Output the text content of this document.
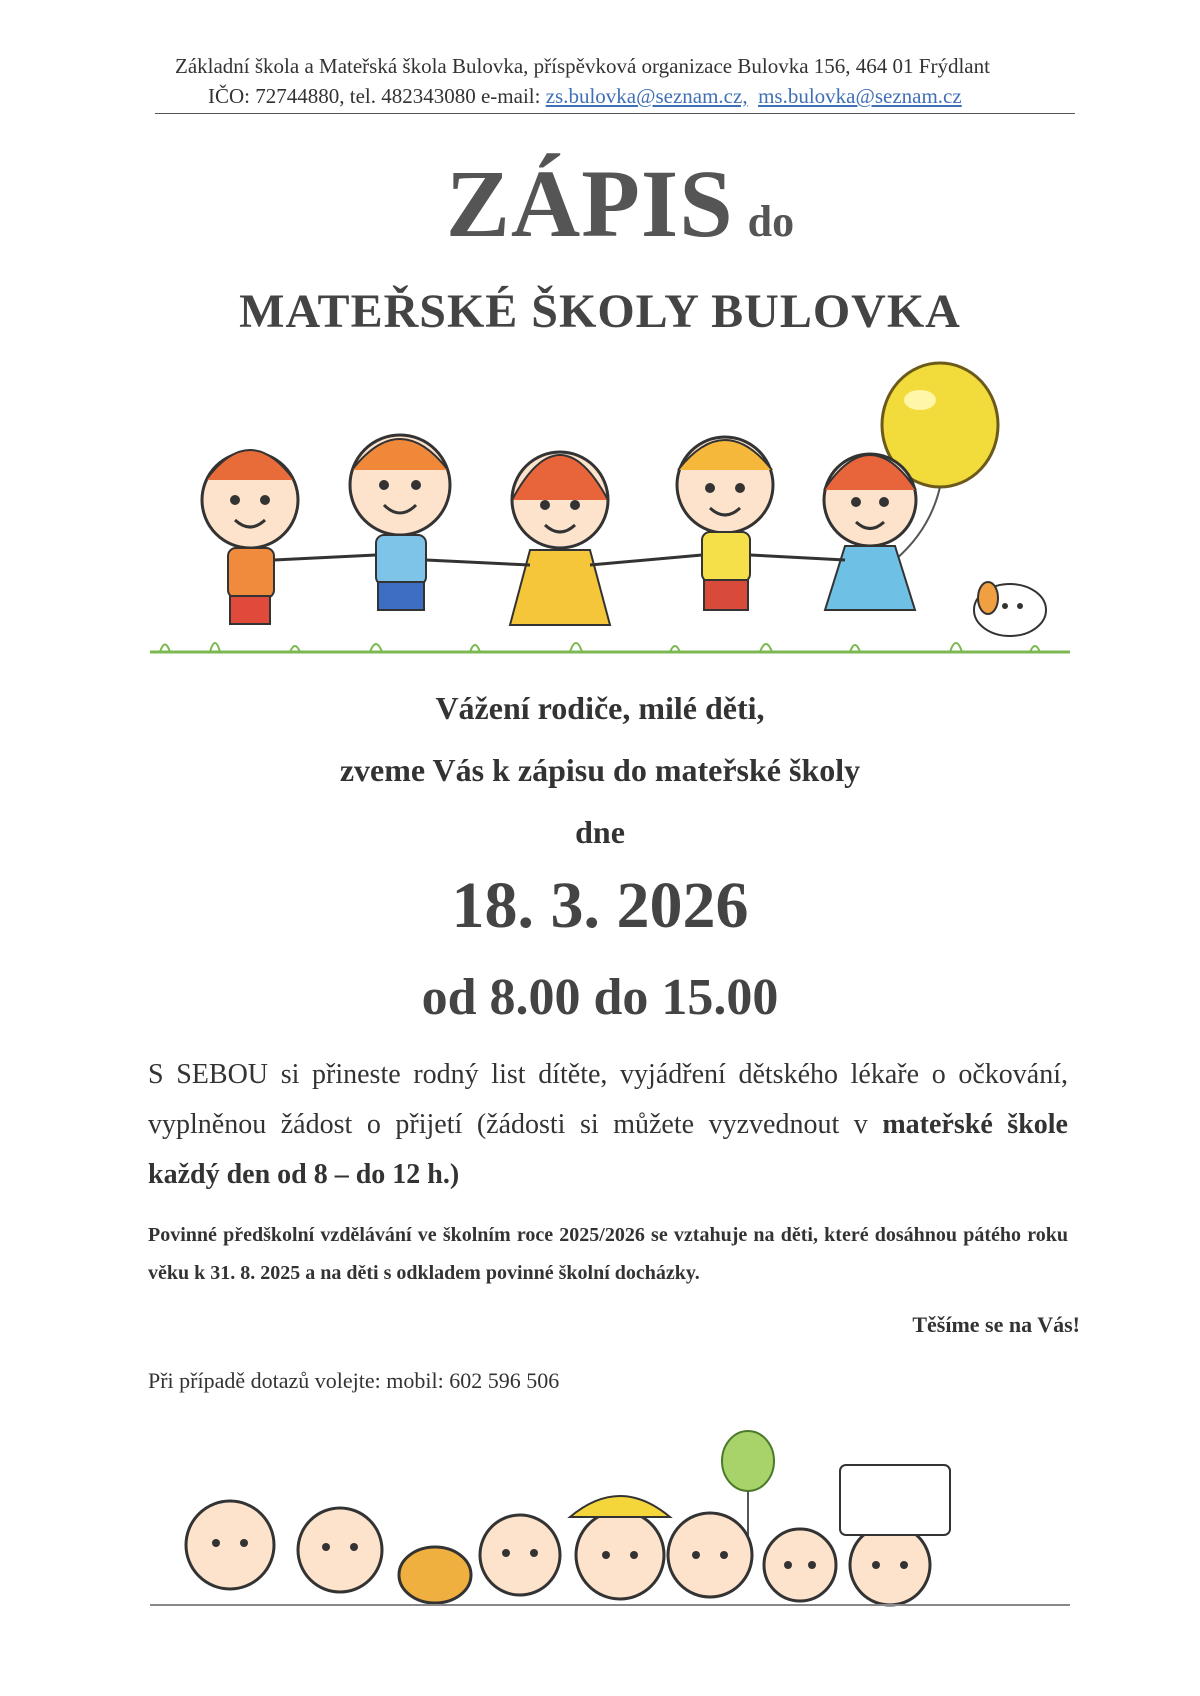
Základní škola a Mateřská škola Bulovka, příspěvková organizace Bulovka 156, 464 01 Frýdlant
IČO: 72744880, tel. 482343080 e-mail: zs.bulovka@seznam.cz, ms.bulovka@seznam.cz
ZÁPIS do
MATEŘSKÉ ŠKOLY BULOVKA
Vážení rodiče, milé děti,
zveme Vás k zápisu do mateřské školy
dne
18. 3. 2026
od 8.00 do 15.00
S SEBOU si přineste rodný list dítěte, vyjádření dětského lékaře o očkování, vyplněnou žádost o přijetí (žádosti si můžete vyzvednout v mateřské škole každý den od 8 – do 12 h.)
Povinné předškolní vzdělávání ve školním roce 2025/2026 se vztahuje na děti, které dosáhnou pátého roku věku k 31. 8. 2025 a na děti s odkladem povinné školní docházky.
Těšíme se na Vás!
Při případě dotazů volejte: mobil: 602 596 506
